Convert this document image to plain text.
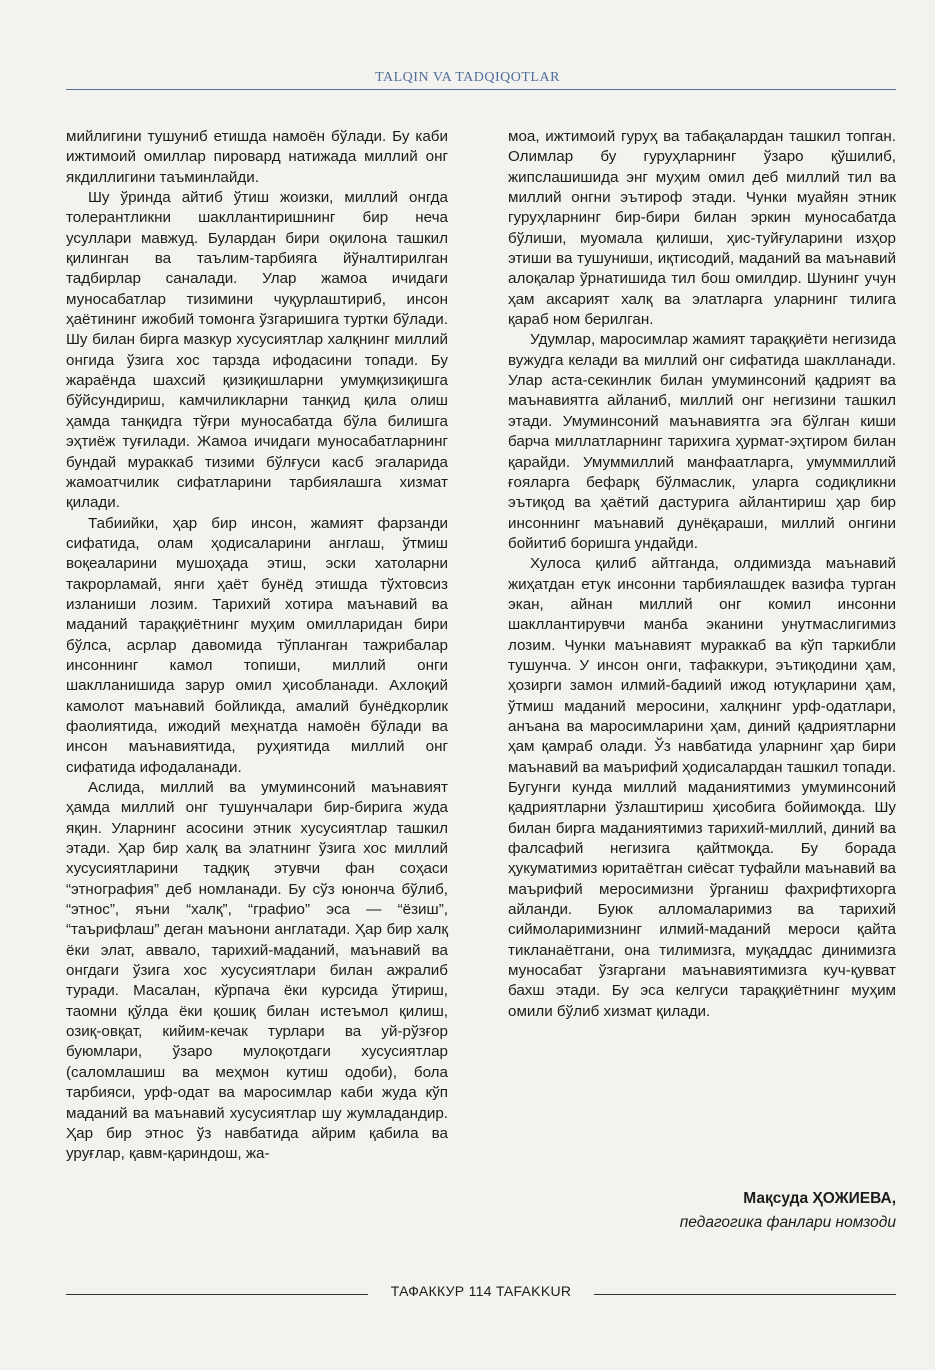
TALQIN VA TADQIQOTLAR

мийлигини тушуниб етишда намоён бўлади. Бу каби ижтимоий омиллар пировард натижада миллий онг якдиллигини таъминлайди.

Шу ўринда айтиб ўтиш жоизки, миллий онгда толерантликни шакллантиришнинг бир неча усуллари мавжуд. Булардан бири оқилона ташкил қилинган ва таълим-тарбияга йўналтирилган тадбирлар саналади. Улар жамоа ичидаги муносабатлар тизимини чуқурлаштириб, инсон ҳаётининг ижобий томонга ўзгаришига туртки бўлади. Шу билан бирга мазкур хусусиятлар халқнинг миллий онгида ўзига хос тарзда ифодасини топади. Бу жараёнда шахсий қизиқишларни умумқизиқишга бўйсундириш, камчиликларни танқид қила олиш ҳамда танқидга тўғри муносабатда бўла билишга эҳтиёж туғилади. Жамоа ичидаги муносабатларнинг бундай мураккаб тизими бўлғуси касб эгаларида жамоатчилик сифатларини тарбиялашга хизмат қилади.

Табиийки, ҳар бир инсон, жамият фарзанди сифатида, олам ҳодисаларини англаш, ўтмиш воқеаларини мушоҳада этиш, эски хатоларни такрорламай, янги ҳаёт бунёд этишда тўхтовсиз изланиши лозим. Тарихий хотира маънавий ва маданий тараққиётнинг муҳим омилларидан бири бўлса, асрлар давомида тўпланган тажрибалар инсоннинг камол топиши, миллий онги шаклланишида зарур омил ҳисобланади. Ахлоқий камолот маънавий бойликда, амалий бунёдкорлик фаолиятида, ижодий меҳнатда намоён бўлади ва инсон маънавиятида, руҳиятида миллий онг сифатида ифодаланади.

Аслида, миллий ва умуминсоний маънавият ҳамда миллий онг тушунчалари бир-бирига жуда яқин. Уларнинг асосини этник хусусиятлар ташкил этади. Ҳар бир халқ ва элатнинг ўзига хос миллий хусусиятларини тадқиқ этувчи фан соҳаси “этнография” деб номланади. Бу сўз юнонча бўлиб, “этнос”, яъни “халқ”, “графио” эса — “ёзиш”, “таърифлаш” деган маънони англатади. Ҳар бир халқ ёки элат, аввало, тарихий-маданий, маънавий ва онгдаги ўзига хос хусусиятлари билан ажралиб туради. Масалан, кўрпача ёки курсида ўтириш, таомни қўлда ёки қошиқ билан истеъмол қилиш, озиқ-овқат, кийим-кечак турлари ва уй-рўзғор буюмлари, ўзаро мулоқотдаги хусусиятлар (саломлашиш ва меҳмон кутиш одоби), бола тарбияси, урф-одат ва маросимлар каби жуда кўп маданий ва маънавий хусусиятлар шу жумладандир. Ҳар бир этнос ўз навбатида айрим қабила ва уруғлар, қавм-қариндош, жа-

моа, ижтимоий гуруҳ ва табақалардан ташкил топган. Олимлар бу гуруҳларнинг ўзаро қўшилиб, жипслашишида энг муҳим омил деб миллий тил ва миллий онгни эътироф этади. Чунки муайян этник гуруҳларнинг бир-бири билан эркин муносабатда бўлиши, муомала қилиши, ҳис-туйғуларини изҳор этиши ва тушуниши, иқтисодий, маданий ва маънавий алоқалар ўрнатишида тил бош омилдир. Шунинг учун ҳам аксарият халқ ва элатларга уларнинг тилига қараб ном берилган.

Удумлар, маросимлар жамият тараққиёти негизида вужудга келади ва миллий онг сифатида шаклланади. Улар аста-секинлик билан умуминсоний қадрият ва маънавиятга айланиб, миллий онг негизини ташкил этади. Умуминсоний маънавиятга эга бўлган киши барча миллатларнинг тарихига ҳурмат-эҳтиром билан қарайди. Умуммиллий манфаатларга, умуммиллий ғояларга бефарқ бўлмаслик, уларга содиқликни эътиқод ва ҳаётий дастурига айлантириш ҳар бир инсоннинг маънавий дунёқараши, миллий онгини бойитиб боришга ундайди.

Хулоса қилиб айтганда, олдимизда маънавий жиҳатдан етук инсонни тарбиялашдек вазифа турган экан, айнан миллий онг комил инсонни шакллантирувчи манба эканини унутмаслигимиз лозим. Чунки маънавият мураккаб ва кўп таркибли тушунча. У инсон онги, тафаккури, эътиқодини ҳам, ҳозирги замон илмий-бадиий ижод ютуқларини ҳам, ўтмиш маданий меросини, халқнинг урф-одатлари, анъана ва маросимларини ҳам, диний қадриятларни ҳам қамраб олади. Ўз навбатида уларнинг ҳар бири маънавий ва маърифий ҳодисалардан ташкил топади. Бугунги кунда миллий маданиятимиз умуминсоний қадриятларни ўзлаштириш ҳисобига бойимоқда. Шу билан бирга маданиятимиз тарихий-миллий, диний ва фалсафий негизига қайтмоқда. Бу борада ҳукуматимиз юритаётган сиёсат туфайли маънавий ва маърифий меросимизни ўрганиш фахрифтихорга айланди. Буюк алломаларимиз ва тарихий сиймоларимизнинг илмий-маданий мероси қайта тикланаётгани, она тилимизга, муқаддас динимизга муносабат ўзгаргани маънавиятимизга куч-қувват бахш этади. Бу эса келгуси тараққиётнинг муҳим омили бўлиб хизмат қилади.

Мақсуда ҲОЖИЕВА,
педагогика фанлари номзоди
ТАФАККУР 114 TAFAKKUR
